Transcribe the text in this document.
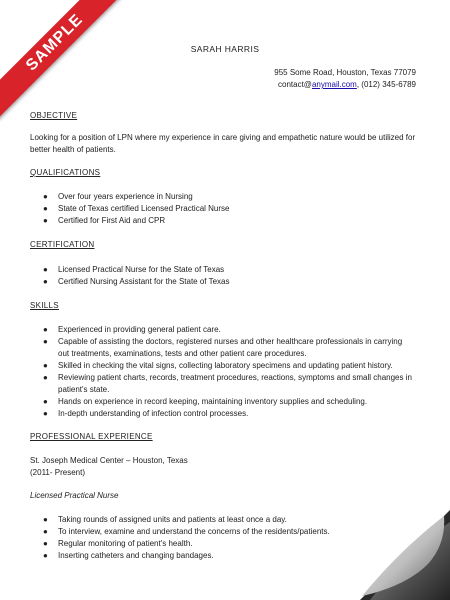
SAMPLE	SARAH HARRIS
955 Some Road, Houston, Texas 77079
contact@anymail.com, (012) 345-6789
OBJECTIVE
Looking for a position of LPN where my experience in care giving and empathetic nature would be utilized for better health of patients.
QUALIFICATIONS
● Over four years experience in Nursing
● State of Texas certified Licensed Practical Nurse
● Certified for First Aid and CPR
CERTIFICATION
● Licensed Practical Nurse for the State of Texas
● Certified Nursing Assistant for the State of Texas
SKILLS
● Experienced in providing general patient care.
● Capable of assisting the doctors, registered nurses and other healthcare professionals in carrying out treatments, examinations, tests and other patient care procedures.
● Skilled in checking the vital signs, collecting laboratory specimens and updating patient history.
● Reviewing patient charts, records, treatment procedures, reactions, symptoms and small changes in patient's state.
● Hands on experience in record keeping, maintaining inventory supplies and scheduling.
● In-depth understanding of infection control processes.
PROFESSIONAL EXPERIENCE
St. Joseph Medical Center – Houston, Texas
(2011- Present)
Licensed Practical Nurse
● Taking rounds of assigned units and patients at least once a day.
● To interview, examine and understand the concerns of the residents/patients.
● Regular monitoring of patient's health.
● Inserting catheters and changing bandages.
